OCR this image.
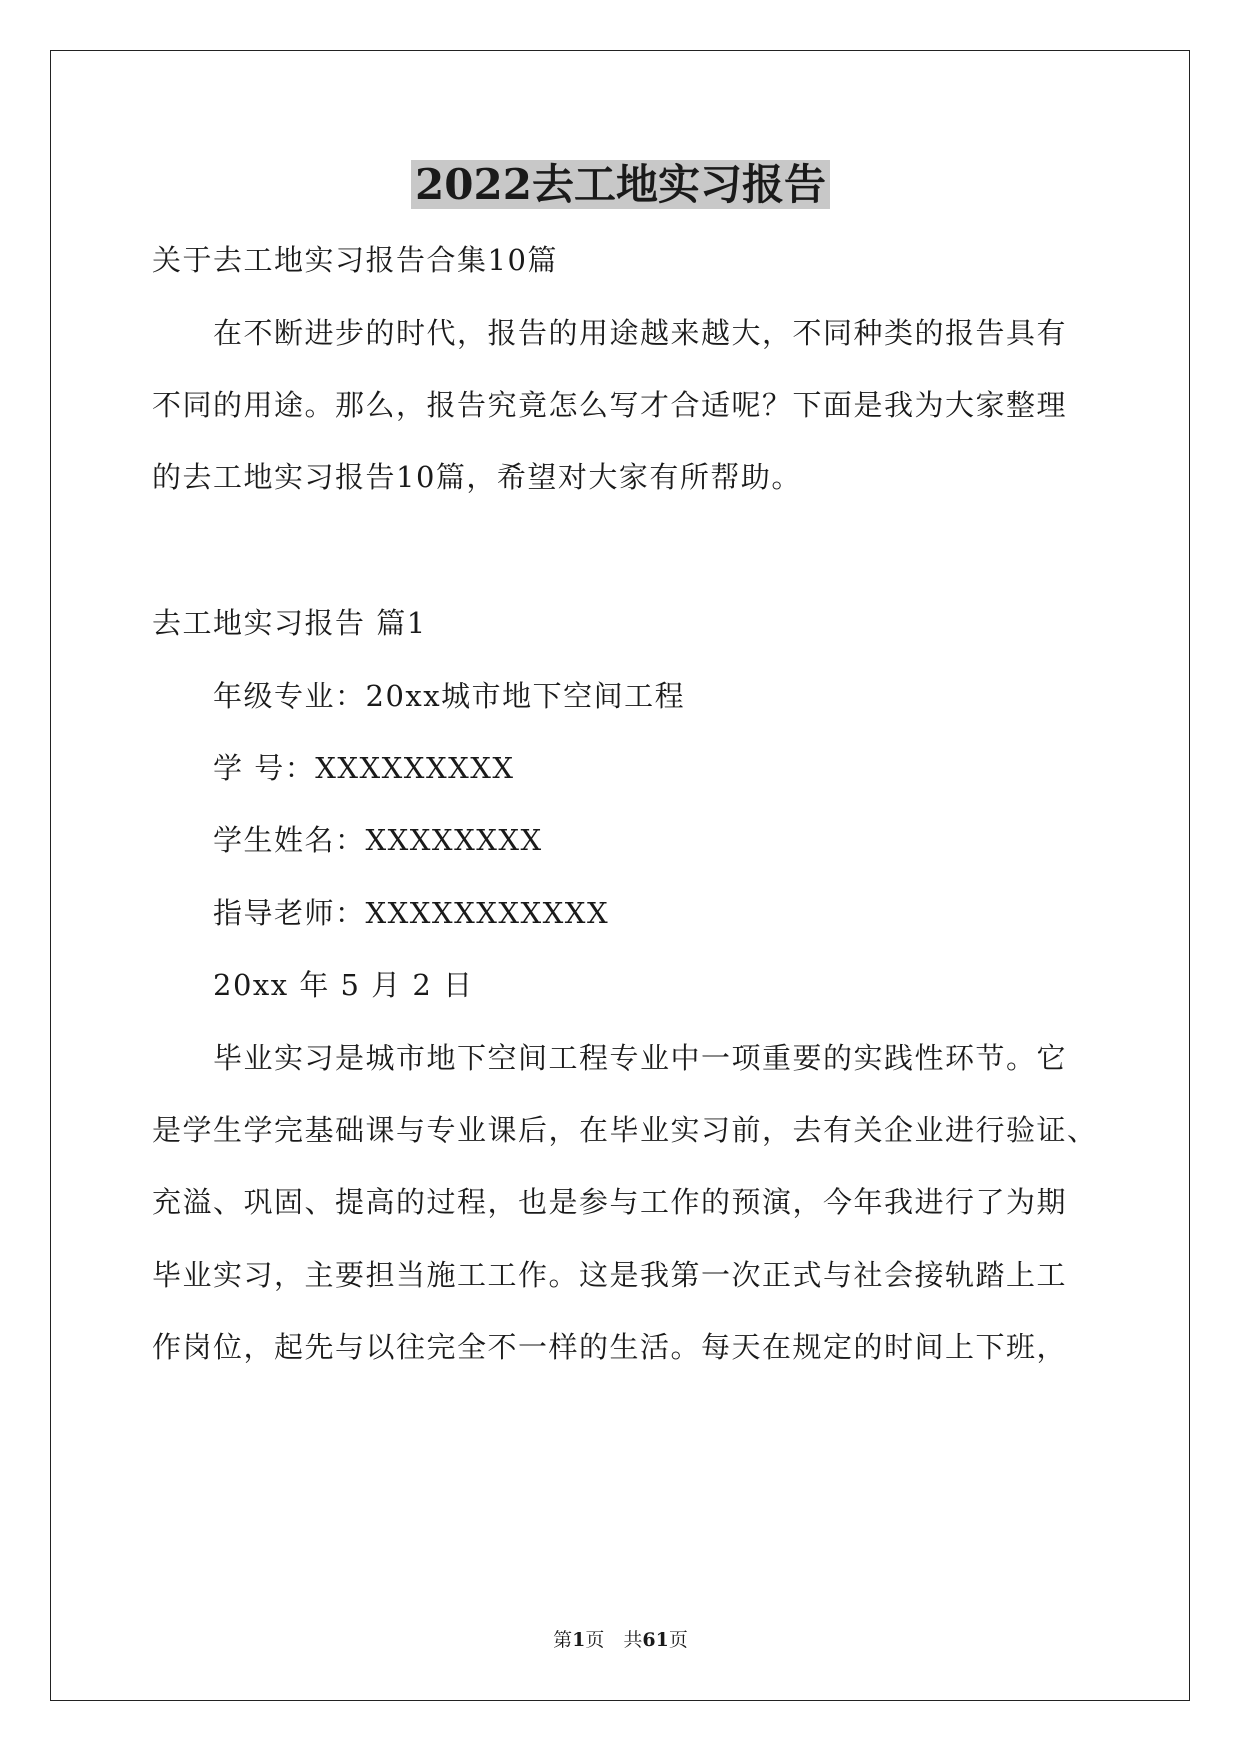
2022去工地实习报告
关于去工地实习报告合集10篇
在不断进步的时代，报告的用途越来越大，不同种类的报告具有
不同的用途。那么，报告究竟怎么写才合适呢？下面是我为大家整理
的去工地实习报告10篇，希望对大家有所帮助。
去工地实习报告 篇1
年级专业：20xx城市地下空间工程
学 号：XXXXXXXXX
学生姓名：XXXXXXXX
指导老师：XXXXXXXXXXX
20xx 年 5 月 2 日
毕业实习是城市地下空间工程专业中一项重要的实践性环节。它
是学生学完基础课与专业课后，在毕业实习前，去有关企业进行验证、
充溢、巩固、提高的过程，也是参与工作的预演，今年我进行了为期
毕业实习，主要担当施工工作。这是我第一次正式与社会接轨踏上工
作岗位，起先与以往完全不一样的生活。每天在规定的时间上下班，
第1页　共61页
